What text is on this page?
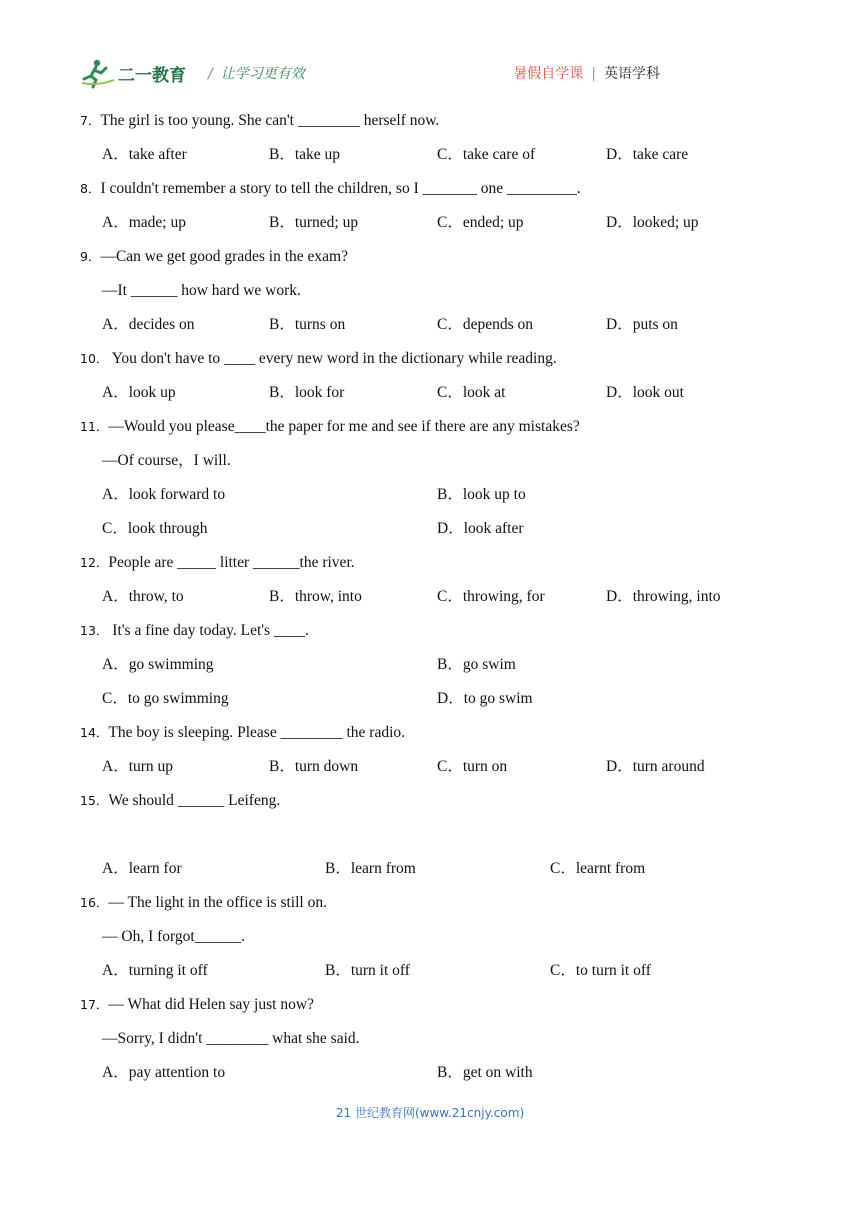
二一教育 / 让学习更有效	暑假自学课 | 英语学科
7．The girl is too young. She can't ________ herself now.
A．take after	B．take up	C．take care of	D．take care
8．I couldn't remember a story to tell the children, so I _______ one _________.
A．made; up	B．turned; up	C．ended; up	D．looked; up
9．—Can we get good grades in the exam?
—It ______ how hard we work.
A．decides on	B．turns on	C．depends on	D．puts on
10． You don't have to ____ every new word in the dictionary while reading.
A．look up	B．look for	C．look at	D．look out
11．—Would you please____the paper for me and see if there are any mistakes?
—Of course，I will.
A．look forward to	B．look up to
C．look through	D．look after
12．People are _____ litter ______the river.
A．throw, to	B．throw, into	C．throwing, for	D．throwing, into
13． It's a fine day today. Let's ____.
A．go swimming	B．go swim
C．to go swimming	D．to go swim
14．The boy is sleeping. Please ________ the radio.
A．turn up	B．turn down	C．turn on	D．turn around
15．We should ______ Leifeng.
A．learn for	B．learn from	C．learnt from
16．— The light in the office is still on.
— Oh, I forgot______.
A．turning it off	B．turn it off	C．to turn it off
17．— What did Helen say just now?
—Sorry, I didn't ________ what she said.
A．pay attention to	B．get on with
21 世纪教育网(www.21cnjy.com)
